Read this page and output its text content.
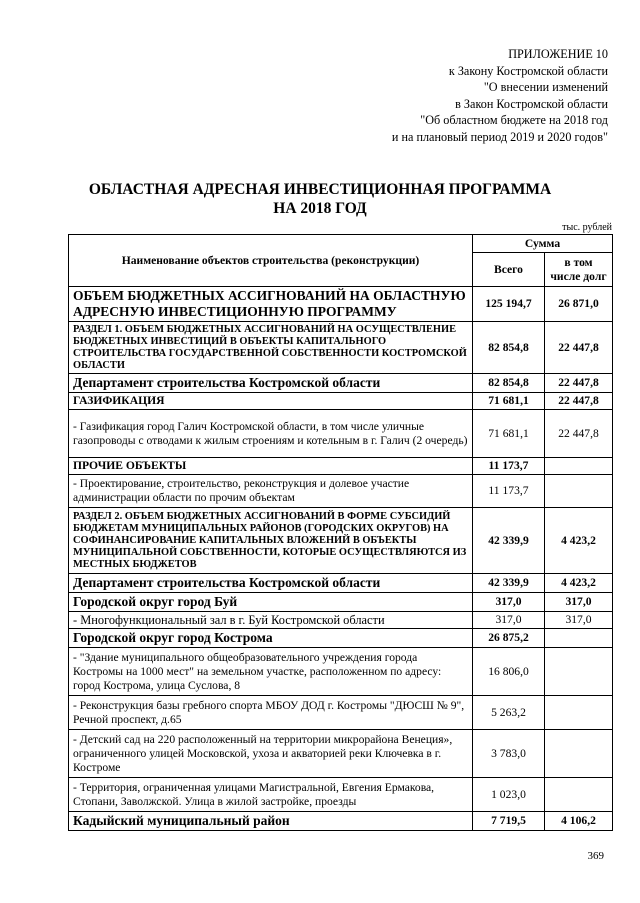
ПРИЛОЖЕНИЕ 10
к Закону Костромской области
"О внесении изменений
в Закон Костромской области
"Об областном бюджете на 2018 год
и на плановый период 2019 и 2020 годов"
ОБЛАСТНАЯ АДРЕСНАЯ ИНВЕСТИЦИОННАЯ ПРОГРАММА
НА 2018 ГОД
тыс. рублей
Наименование объектов строительства (реконструкции)	Сумма	
	Всего	в том числе долг
ОБЪЕМ БЮДЖЕТНЫХ АССИГНОВАНИЙ НА ОБЛАСТНУЮ АДРЕСНУЮ ИНВЕСТИЦИОННУЮ ПРОГРАММУ	125 194,7	26 871,0
РАЗДЕЛ 1. ОБЪЕМ БЮДЖЕТНЫХ АССИГНОВАНИЙ НА ОСУЩЕСТВЛЕНИЕ БЮДЖЕТНЫХ ИНВЕСТИЦИЙ В ОБЪЕКТЫ КАПИТАЛЬНОГО СТРОИТЕЛЬСТВА ГОСУДАРСТВЕННОЙ СОБСТВЕННОСТИ КОСТРОМСКОЙ ОБЛАСТИ	82 854,8	22 447,8
Департамент строительства Костромской области	82 854,8	22 447,8
ГАЗИФИКАЦИЯ	71 681,1	22 447,8
- Газификация город Галич Костромской области, в том числе уличные газопроводы с отводами к жилым строениям и котельным в г. Галич (2 очередь)	71 681,1	22 447,8
ПРОЧИЕ ОБЪЕКТЫ	11 173,7	
- Проектирование, строительство, реконструкция и долевое участие администрации области по прочим объектам	11 173,7	
РАЗДЕЛ 2. ОБЪЕМ БЮДЖЕТНЫХ АССИГНОВАНИЙ В ФОРМЕ СУБСИДИЙ БЮДЖЕТАМ МУНИЦИПАЛЬНЫХ РАЙОНОВ (ГОРОДСКИХ ОКРУГОВ) НА СОФИНАНСИРОВАНИЕ КАПИТАЛЬНЫХ ВЛОЖЕНИЙ В ОБЪЕКТЫ МУНИЦИПАЛЬНОЙ СОБСТВЕННОСТИ, КОТОРЫЕ ОСУЩЕСТВЛЯЮТСЯ ИЗ МЕСТНЫХ БЮДЖЕТОВ	42 339,9	4 423,2
Департамент строительства Костромской области	42 339,9	4 423,2
Городской округ город Буй	317,0	317,0
- Многофункциональный зал в г. Буй Костромской области	317,0	317,0
Городской округ город Кострома	26 875,2	
- "Здание муниципального общеобразовательного учреждения города Костромы на 1000 мест" на земельном участке, расположенном по адресу: город Кострома, улица Суслова, 8	16 806,0	
- Реконструкция базы гребного спорта МБОУ ДОД г. Костромы "ДЮСШ № 9", Речной проспект, д.65	5 263,2	
- Детский сад на 220 расположенный на территории микрорайона Венеция», ограниченного улицей Московской, ухоза и акваторией реки Ключевка в г. Костроме	3 783,0	
- Территория, ограниченная улицами Магистральной, Евгения Ермакова, Стопани, Заволжской. Улица в жилой застройке, проезды	1 023,0	
Кадыйский муниципальный район	7 719,5	4 106,2
369
